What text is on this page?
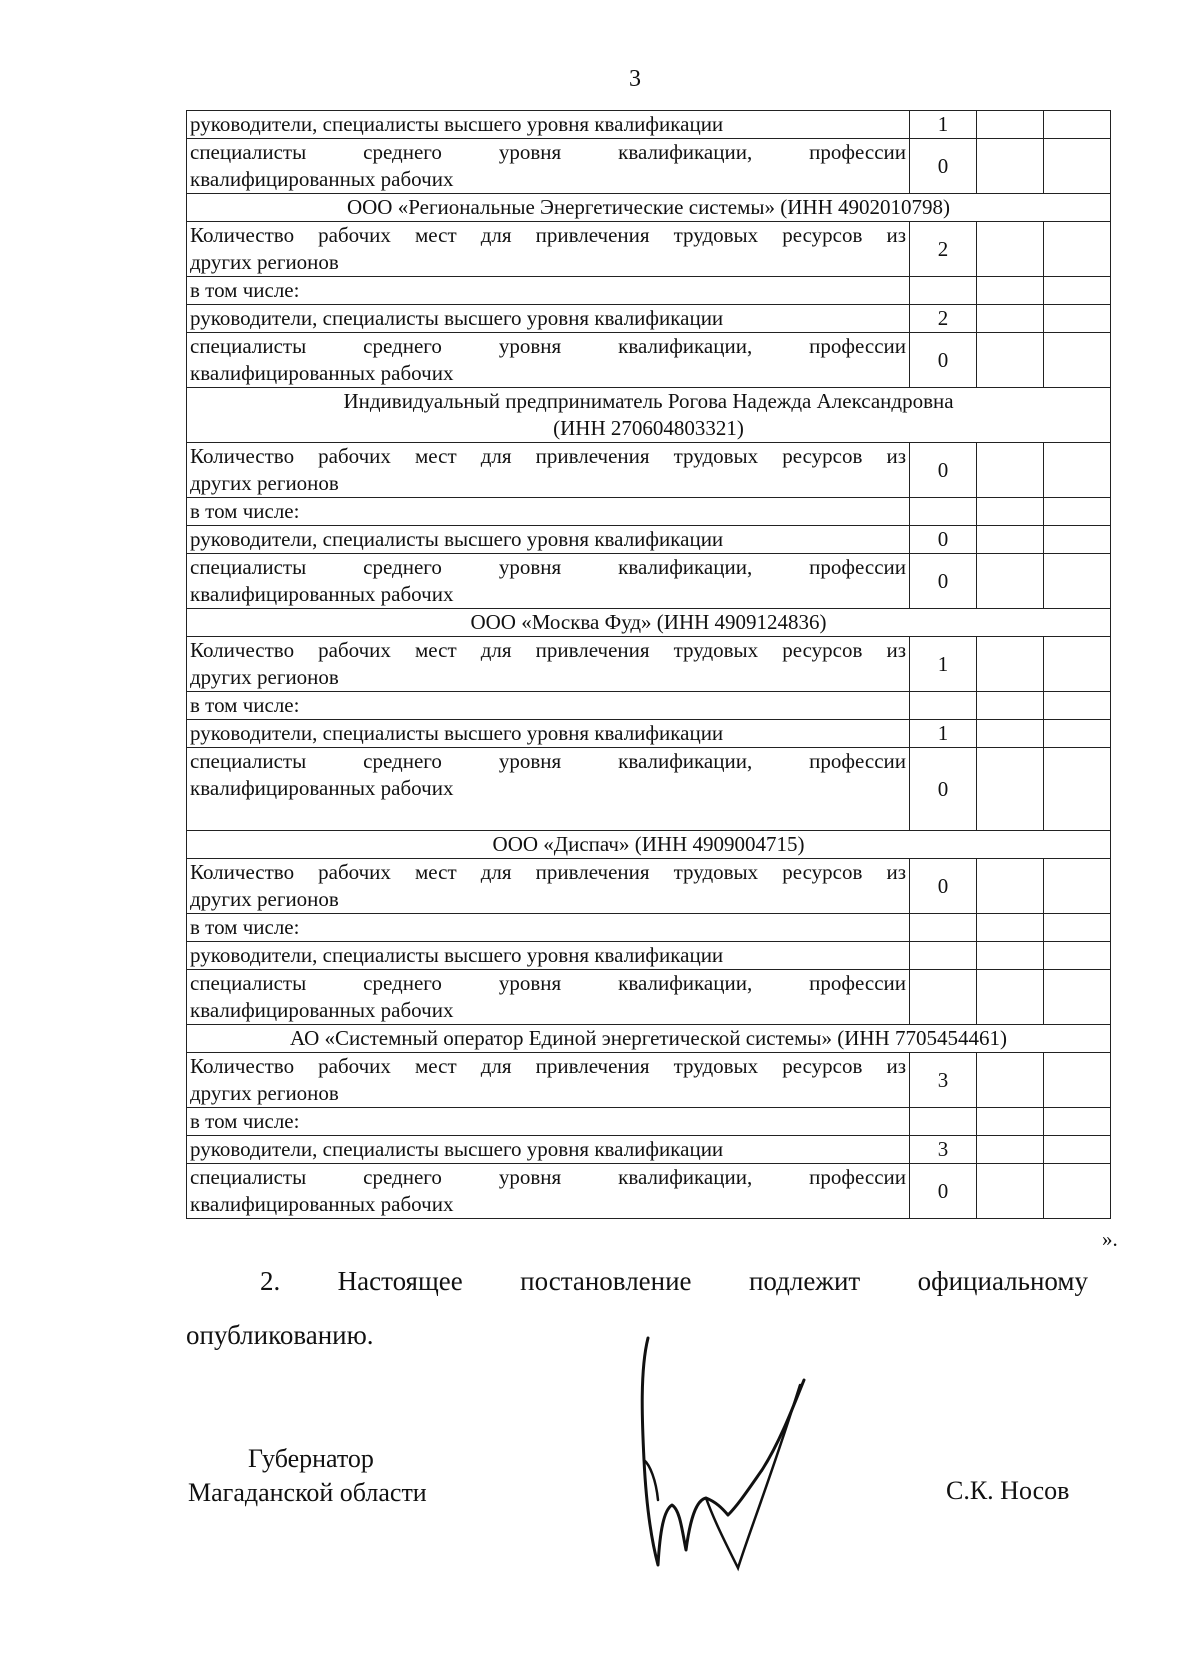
3
руководители, специалисты высшего уровня квалификации	1		

специалисты среднего уровня квалификации, профессии
квалифицированных рабочих	0		
ООО «Региональные Энергетические системы» (ИНН 4902010798)			

Количество рабочих мест для привлечения трудовых ресурсов из
других регионов	2		
в том числе:			
руководители, специалисты высшего уровня квалификации	2		

специалисты среднего уровня квалификации, профессии
квалифицированных рабочих	0		

Индивидуальный предприниматель Рогова Надежда Александровна
(ИНН 270604803321)			

Количество рабочих мест для привлечения трудовых ресурсов из
других регионов	0		
в том числе:			
руководители, специалисты высшего уровня квалификации	0		

специалисты среднего уровня квалификации, профессии
квалифицированных рабочих	0		
ООО «Москва Фуд» (ИНН 4909124836)			

Количество рабочих мест для привлечения трудовых ресурсов из
других регионов	1		
в том числе:			
руководители, специалисты высшего уровня квалификации	1		

специалисты среднего уровня квалификации, профессии
квалифицированных рабочих	0		
ООО «Диспач» (ИНН 4909004715)			

Количество рабочих мест для привлечения трудовых ресурсов из
других регионов	0		
в том числе:			
руководители, специалисты высшего уровня квалификации			

специалисты среднего уровня квалификации, профессии
квалифицированных рабочих			

АО «Системный оператор Единой энергетической системы» (ИНН 7705454461)			

Количество рабочих мест для привлечения трудовых ресурсов из
других регионов	3		
в том числе:			
руководители, специалисты высшего уровня квалификации	3		

специалисты среднего уровня квалификации, профессии
квалифицированных рабочих	0		
».
2. Настоящее постановление подлежит официальному
опубликованию.
Губернатор
Магаданской области	С.К. Носов
